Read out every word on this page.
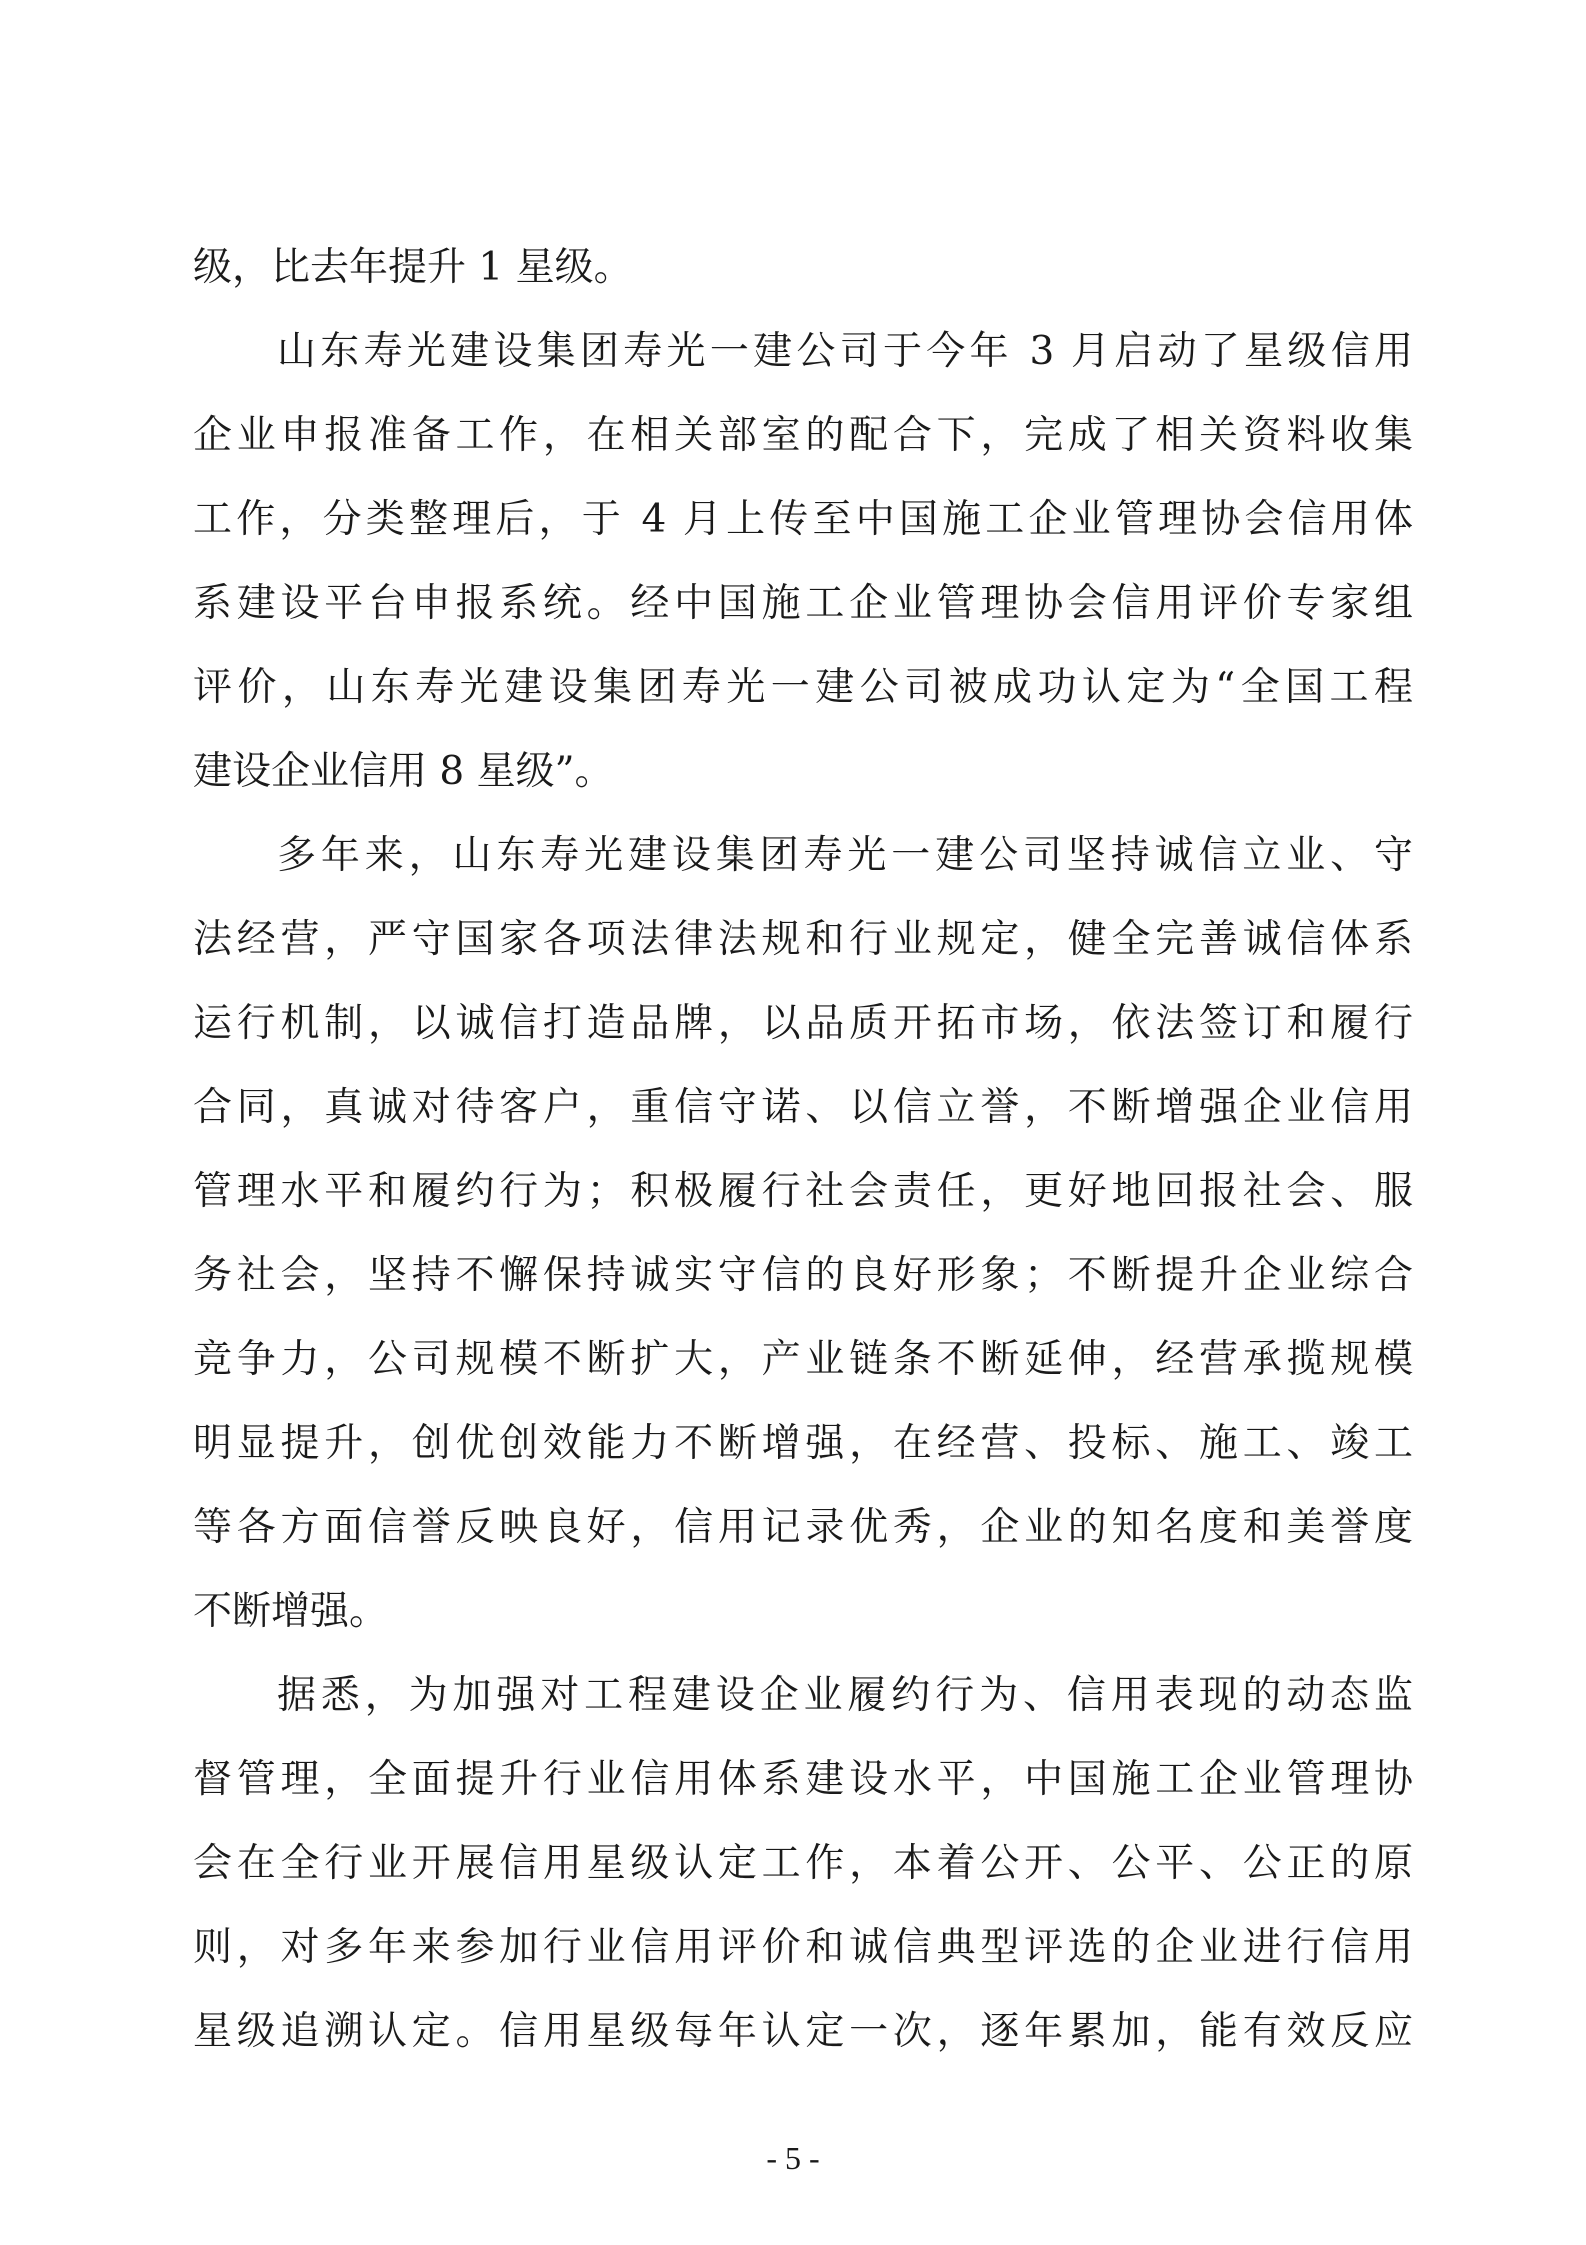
级，比去年提升 1 星级。
山东寿光建设集团寿光一建公司于今年 3 月启动了星级信用
企业申报准备工作，在相关部室的配合下，完成了相关资料收集
工作，分类整理后，于 4 月上传至中国施工企业管理协会信用体
系建设平台申报系统。经中国施工企业管理协会信用评价专家组
评价，山东寿光建设集团寿光一建公司被成功认定为“全国工程
建设企业信用 8 星级”。
多年来，山东寿光建设集团寿光一建公司坚持诚信立业、守
法经营，严守国家各项法律法规和行业规定，健全完善诚信体系
运行机制，以诚信打造品牌，以品质开拓市场，依法签订和履行
合同，真诚对待客户，重信守诺、以信立誉，不断增强企业信用
管理水平和履约行为；积极履行社会责任，更好地回报社会、服
务社会，坚持不懈保持诚实守信的良好形象；不断提升企业综合
竞争力，公司规模不断扩大，产业链条不断延伸，经营承揽规模
明显提升，创优创效能力不断增强，在经营、投标、施工、竣工
等各方面信誉反映良好，信用记录优秀，企业的知名度和美誉度
不断增强。
据悉，为加强对工程建设企业履约行为、信用表现的动态监
督管理，全面提升行业信用体系建设水平，中国施工企业管理协
会在全行业开展信用星级认定工作，本着公开、公平、公正的原
则，对多年来参加行业信用评价和诚信典型评选的企业进行信用
星级追溯认定。信用星级每年认定一次，逐年累加，能有效反应
- 5 -
